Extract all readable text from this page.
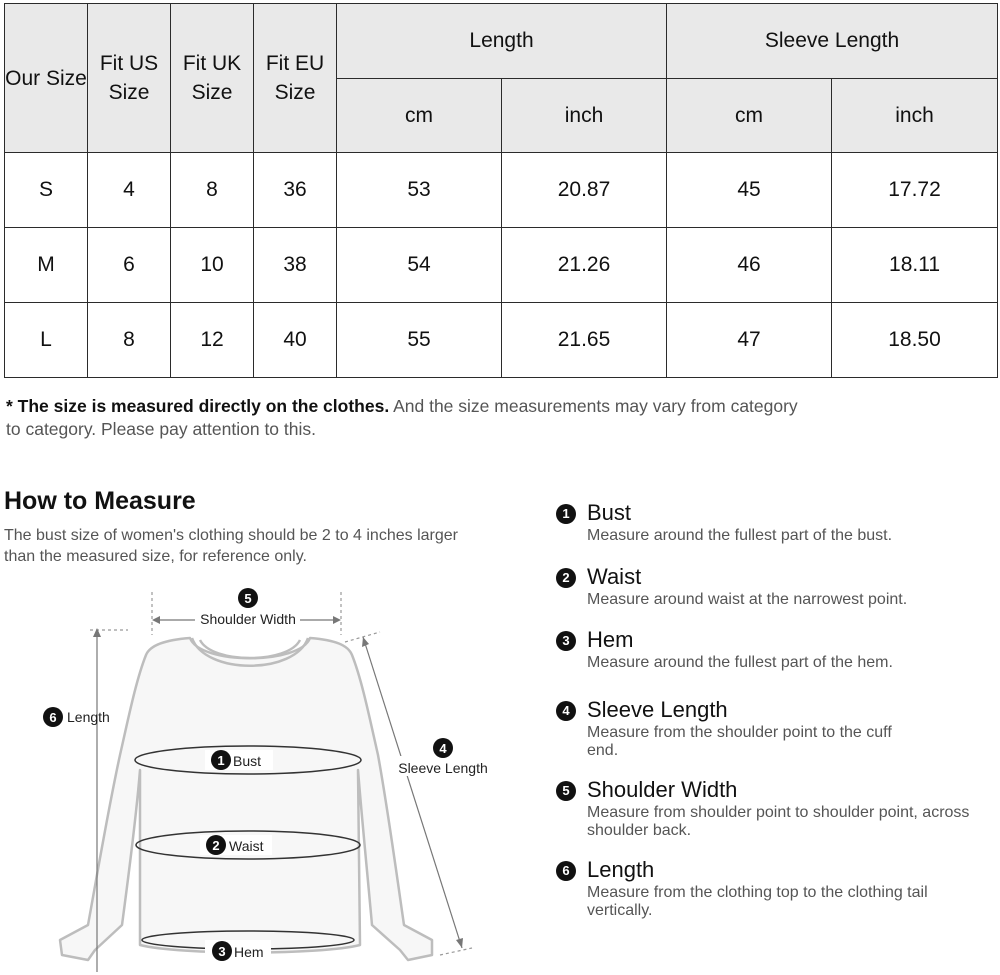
Our Size	Fit US Size	Fit UK Size	Fit EU Size	Length		Sleeve Length	
				cm	inch	cm	inch
S	4	8	36	53	20.87	45	17.72
M	6	10	38	54	21.26	46	18.11
L	8	12	40	55	21.65	47	18.50
* The size is measured directly on the clothes. And the size measurements may vary from category to category. Please pay attention to this.
How to Measure
The bust size of women's clothing should be 2 to 4 inches larger than the measured size, for reference only.
5
Shoulder Width
6 Length
1 Bust
2 Waist
3 Hem
4
Sleeve Length
1 Bust
Measure around the fullest part of the bust.
2 Waist
Measure around waist at the narrowest point.
3 Hem
Measure around the fullest part of the hem.
4 Sleeve Length
Measure from the shoulder point to the cuff end.
5 Shoulder Width
Measure from shoulder point to shoulder point, across shoulder back.
6 Length
Measure from the clothing top to the clothing tail vertically.
